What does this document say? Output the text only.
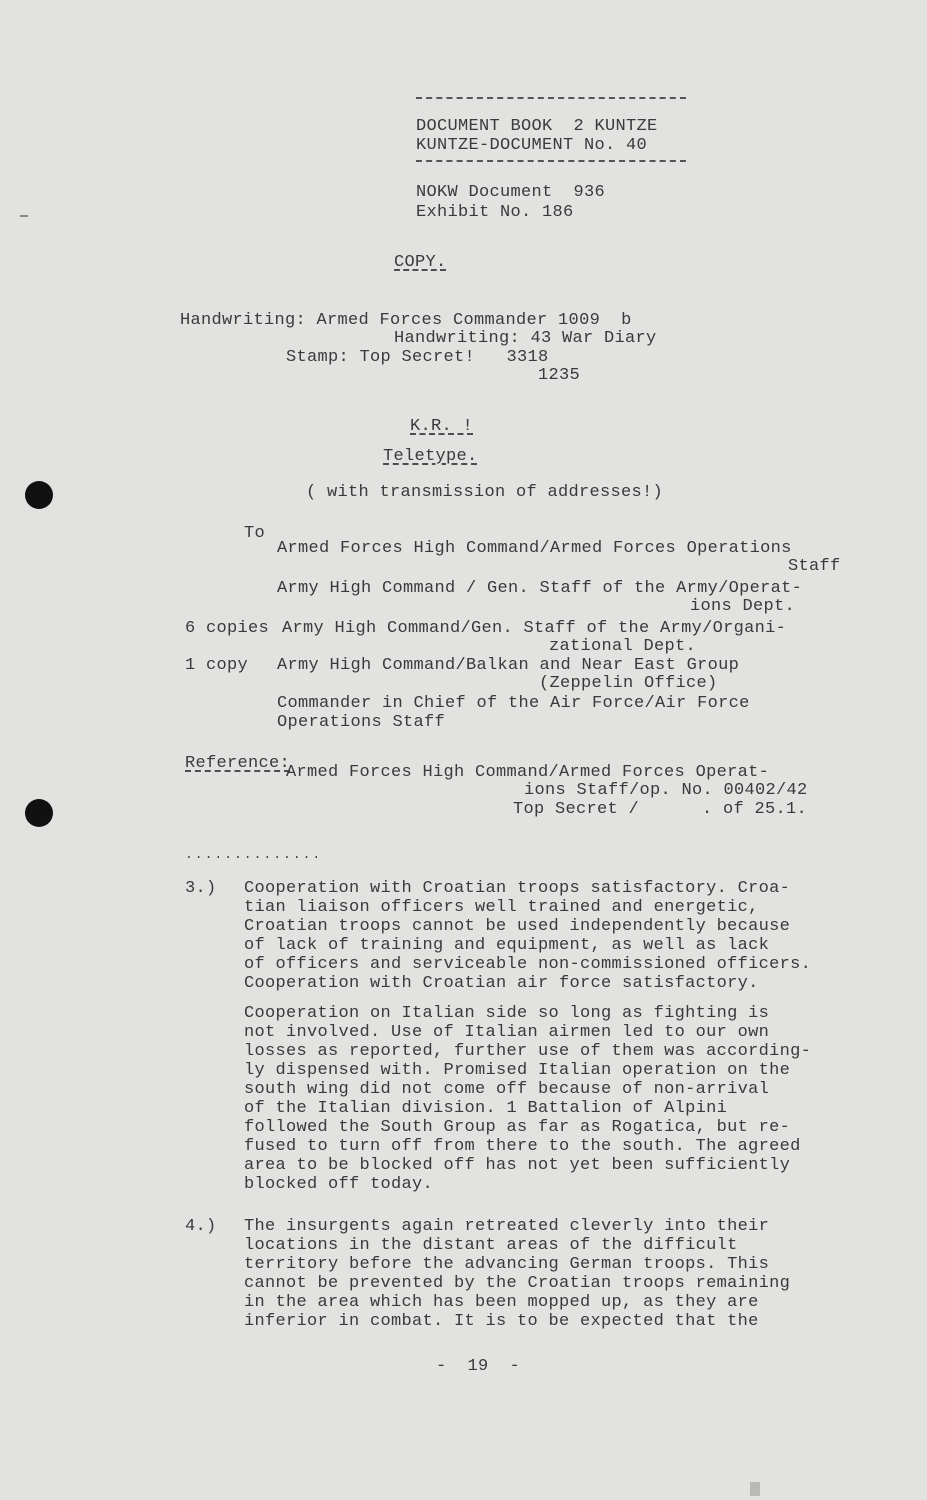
DOCUMENT BOOK  2 KUNTZE
KUNTZE-DOCUMENT No. 40
NOKW Document  936
Exhibit No. 186
COPY.
Handwriting: Armed Forces Commander 1009  b
Handwriting: 43 War Diary
Stamp: Top Secret!   3318
1235
K.R. !
Teletype.
( with transmission of addresses!)
To
Armed Forces High Command/Armed Forces Operations
Staff
Army High Command / Gen. Staff of the Army/Operat-
ions Dept.
6 copies Army High Command/Gen. Staff of the Army/Organi-
zational Dept.
1 copy Army High Command/Balkan and Near East Group
(Zeppelin Office)
Commander in Chief of the Air Force/Air Force
Operations Staff
Reference:
Armed Forces High Command/Armed Forces Operat-
ions Staff/op. No. 00402/42
Top Secret /      . of 25.1.
..............
3.) Cooperation with Croatian troops satisfactory. Croa-
tian liaison officers well trained and energetic,
Croatian troops cannot be used independently because
of lack of training and equipment, as well as lack
of officers and serviceable non-commissioned officers.
Cooperation with Croatian air force satisfactory.
Cooperation on Italian side so long as fighting is
not involved. Use of Italian airmen led to our own
losses as reported, further use of them was according-
ly dispensed with. Promised Italian operation on the
south wing did not come off because of non-arrival
of the Italian division. 1 Battalion of Alpini
followed the South Group as far as Rogatica, but re-
fused to turn off from there to the south. The agreed
area to be blocked off has not yet been sufficiently
blocked off today.
4.) The insurgents again retreated cleverly into their
locations in the distant areas of the difficult
territory before the advancing German troops. This
cannot be prevented by the Croatian troops remaining
in the area which has been mopped up, as they are
inferior in combat. It is to be expected that the
-  19  -
